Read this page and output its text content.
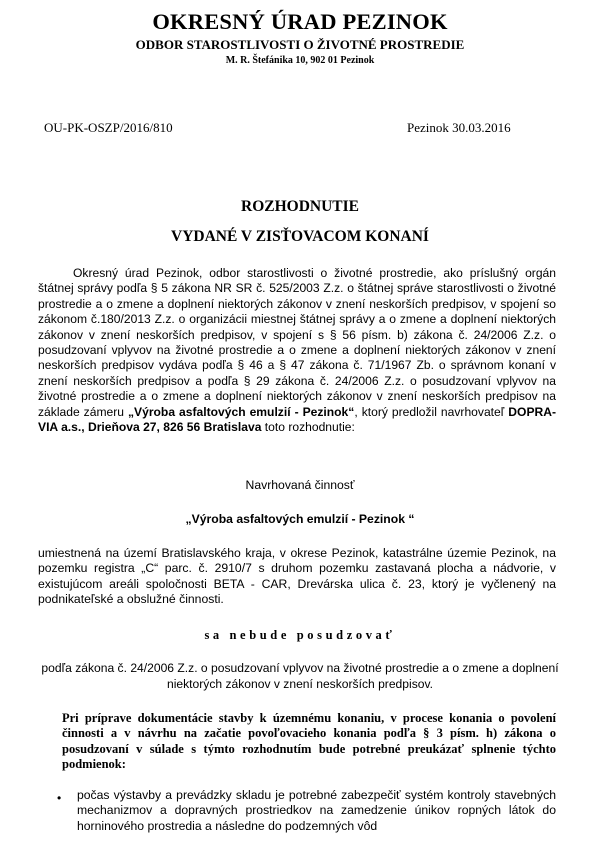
OKRESNÝ ÚRAD PEZINOK
ODBOR STAROSTLIVOSTI O ŽIVOTNÉ PROSTREDIE
M. R. Štefánika 10, 902 01 Pezinok
OU-PK-OSZP/2016/810	Pezinok 30.03.2016
ROZHODNUTIE
VYDANÉ V ZISŤOVACOM KONANÍ
Okresný úrad Pezinok, odbor starostlivosti o životné prostredie, ako príslušný orgán štátnej správy podľa § 5 zákona NR SR č. 525/2003 Z.z. o štátnej správe starostlivosti o životné prostredie a o zmene a doplnení niektorých zákonov v znení neskorších predpisov, v spojení so zákonom č.180/2013 Z.z. o organizácii miestnej štátnej správy a o zmene a doplnení niektorých zákonov v znení neskorších predpisov, v spojení s § 56 písm. b) zákona č. 24/2006 Z.z. o posudzovaní vplyvov na životné prostredie a o zmene a doplnení niektorých zákonov v znení neskorších predpisov vydáva podľa § 46 a § 47 zákona č. 71/1967 Zb. o správnom konaní v znení neskorších predpisov a podľa § 29 zákona č. 24/2006 Z.z. o posudzovaní vplyvov na životné prostredie a o zmene a doplnení niektorých zákonov v znení neskorších predpisov na základe zámeru „Výroba asfaltových emulzií - Pezinok“, ktorý predložil navrhovateľ DOPRA-VIA a.s., Drieňova 27, 826 56 Bratislava toto rozhodnutie:
Navrhovaná činnosť
„Výroba asfaltových emulzií - Pezinok “
umiestnená na území Bratislavského kraja, v okrese Pezinok, katastrálne územie Pezinok, na pozemku registra „C“ parc. č. 2910/7 s druhom pozemku zastavaná plocha a nádvorie, v existujúcom areáli spoločnosti BETA - CAR, Drevárska ulica č. 23, ktorý je vyčlenený na podnikateľské a obslužné činnosti.
sa nebude posudzovať
podľa zákona č. 24/2006 Z.z. o posudzovaní vplyvov na životné prostredie a o zmene a doplnení
niektorých zákonov v znení neskorších predpisov.
Pri príprave dokumentácie stavby k územnému konaniu, v procese konania o povolení činnosti a v návrhu na začatie povoľovacieho konania podľa § 3 písm. h) zákona o posudzovaní v súlade s týmto rozhodnutím bude potrebné preukázať splnenie týchto podmienok:
• počas výstavby a prevádzky skladu je potrebné zabezpečiť systém kontroly stavebných mechanizmov a dopravných prostriedkov na zamedzenie únikov ropných látok do horninového prostredia a následne do podzemných vôd
